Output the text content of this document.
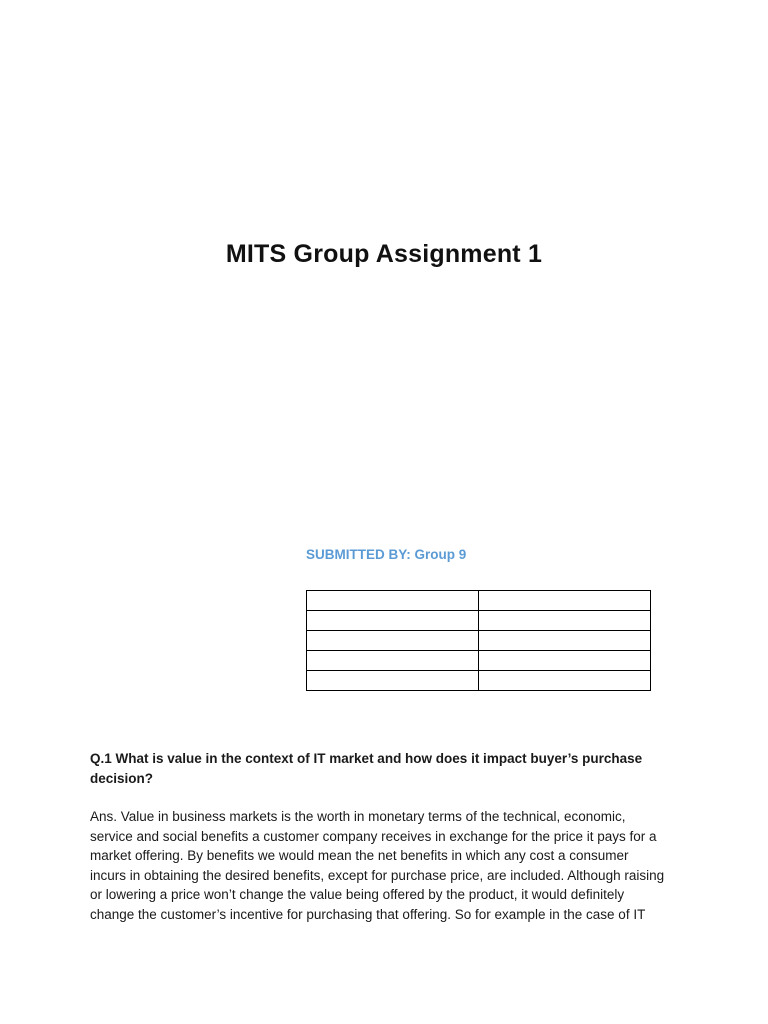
MITS Group Assignment 1
SUBMITTED BY: Group 9

Q.1 What is value in the context of IT market and how does it impact buyer’s purchase
decision?
Ans. Value in business markets is the worth in monetary terms of the technical, economic,
service and social benefits a customer company receives in exchange for the price it pays for a
market offering. By benefits we would mean the net benefits in which any cost a consumer
incurs in obtaining the desired benefits, except for purchase price, are included. Although raising
or lowering a price won’t change the value being offered by the product, it would definitely
change the customer’s incentive for purchasing that offering. So for example in the case of IT
